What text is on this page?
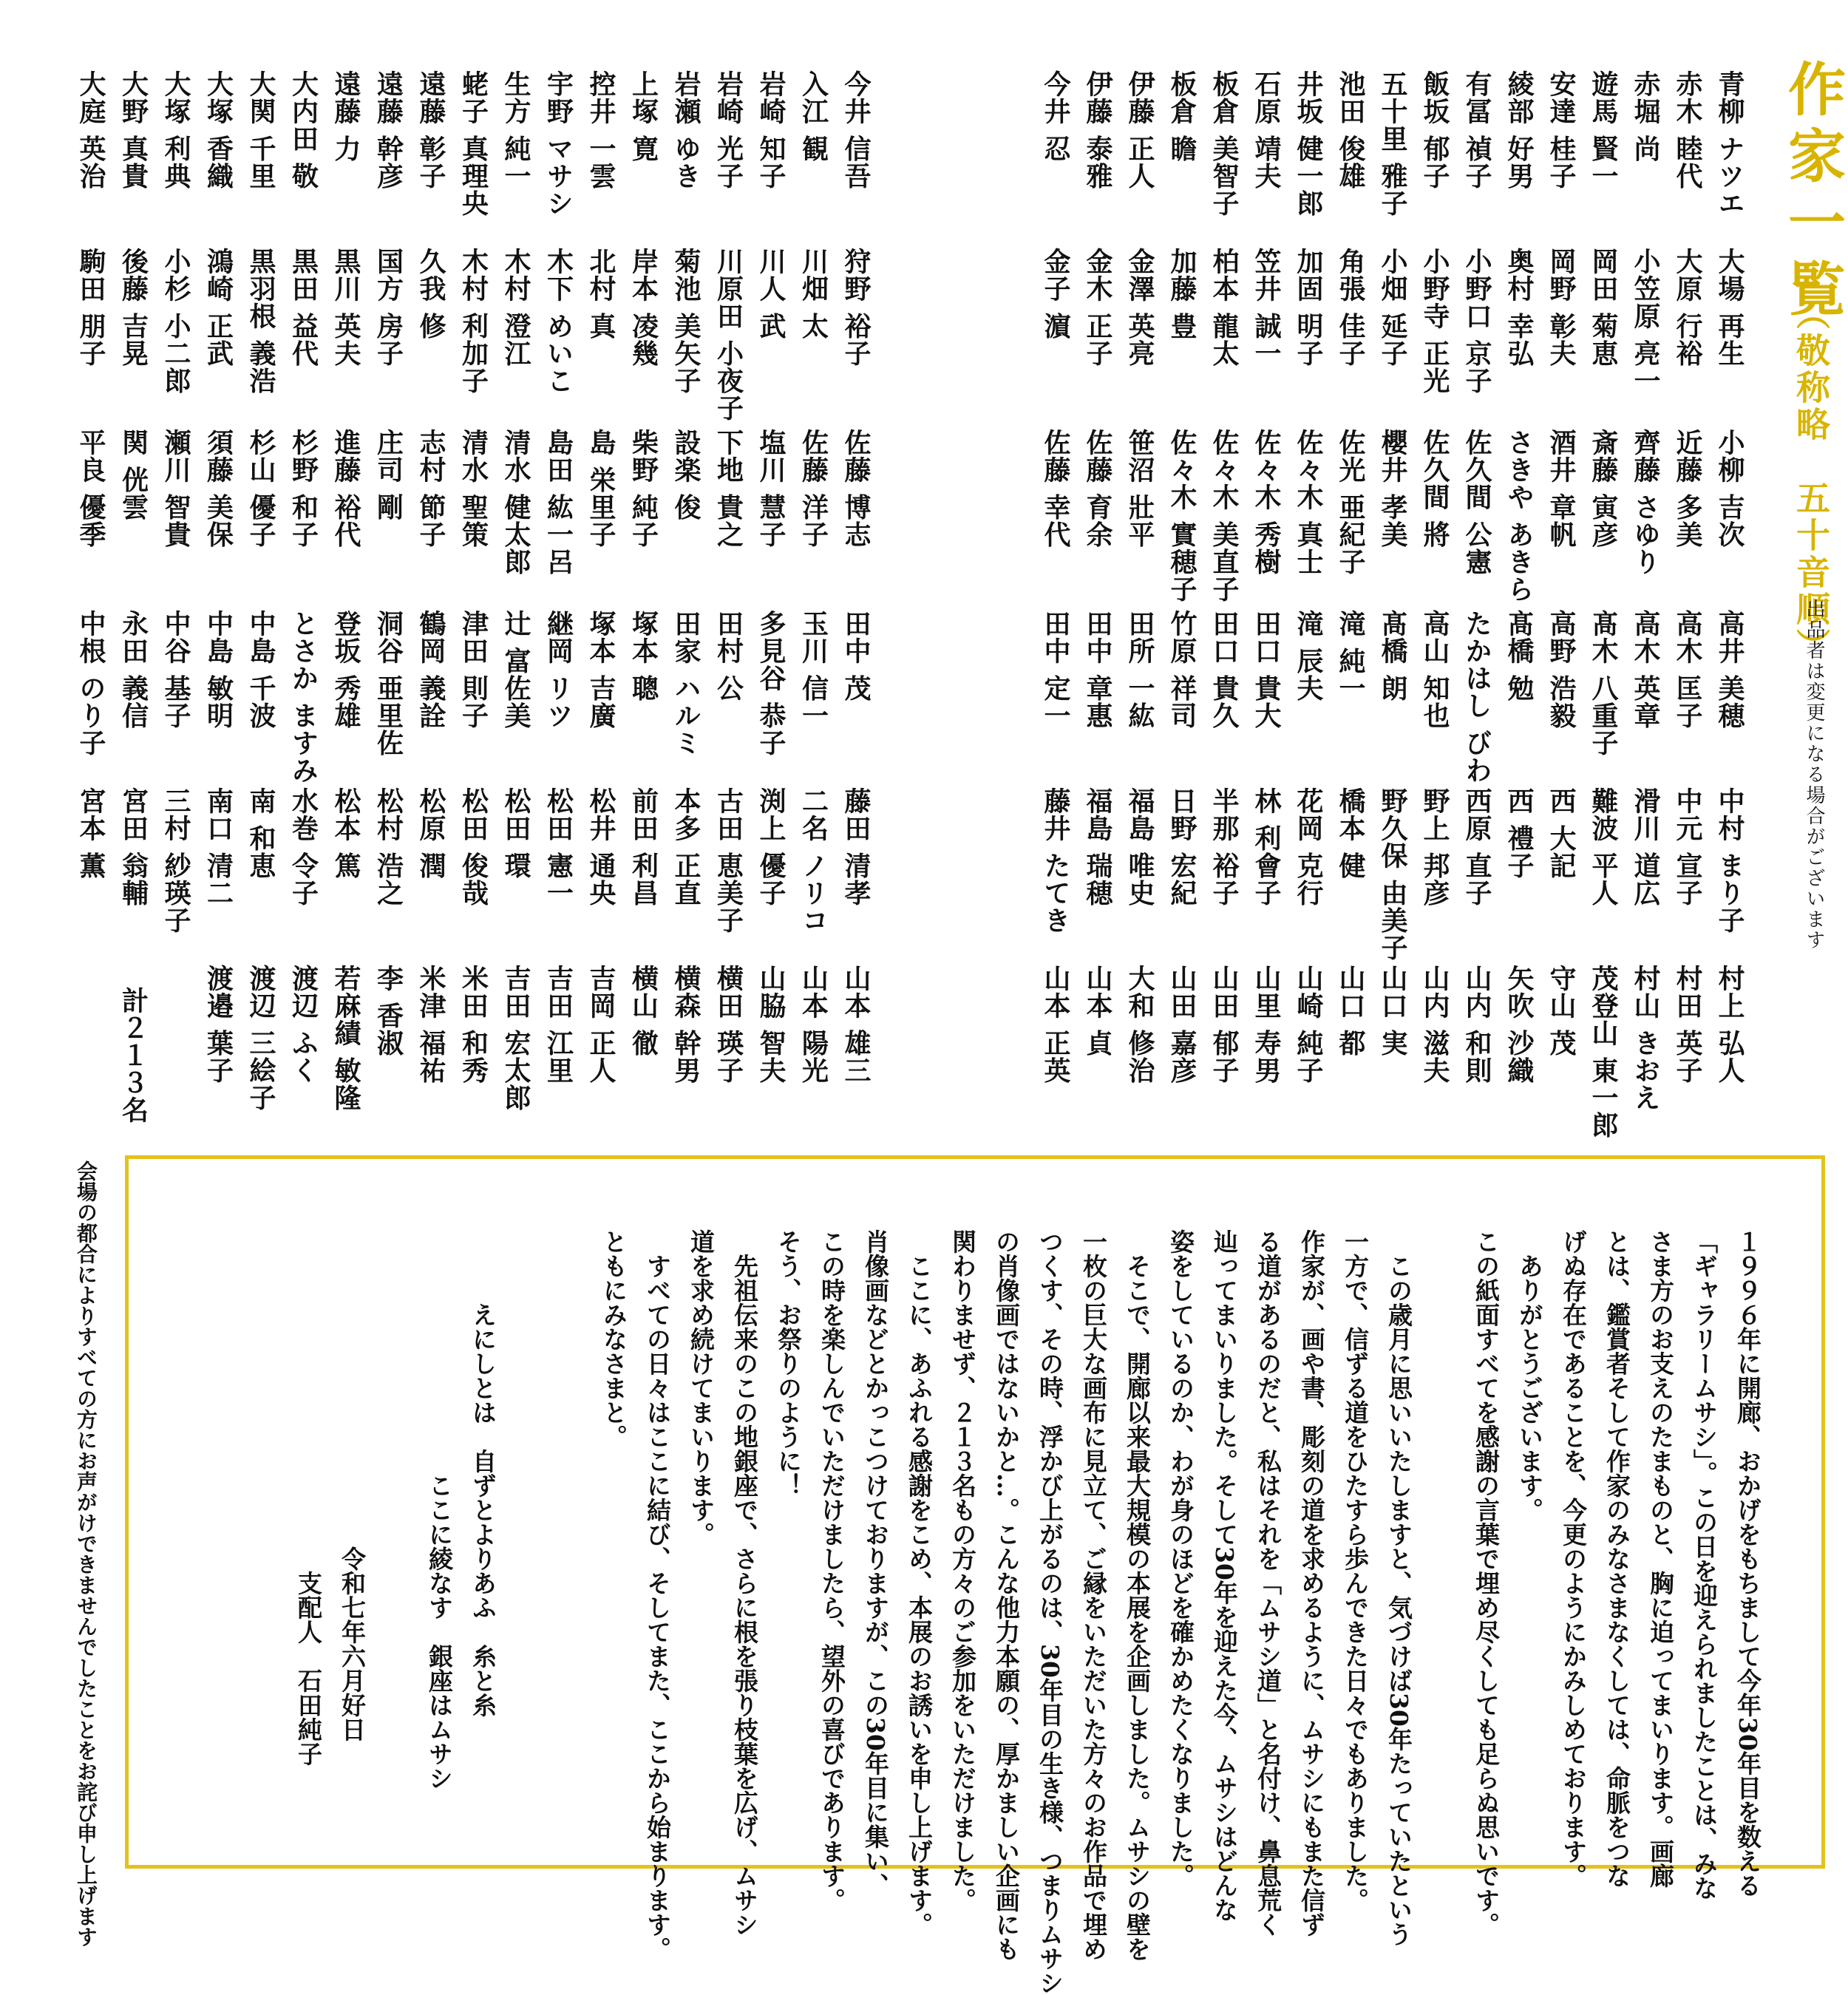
作家一覧
（敬称略　五十音順）
出品者は変更になる場合がございます
青柳 ナツエ
大場 再生
小柳 吉次
高井 美穂
中村 まり子
村上 弘人
赤木 睦代
大原 行裕
近藤 多美
高木 匡子
中元 宣子
村田 英子
赤堀 尚
小笠原 亮一
齊藤 さゆり
高木 英章
滑川 道広
村山 きおえ
遊馬 賢一
岡田 菊恵
斎藤 寅彦
髙木 八重子
難波 平人
茂登山 東一郎
安達 桂子
岡野 彰夫
酒井 章帆
高野 浩毅
西 大記
守山 茂
綾部 好男
奥村 幸弘
さきや あきら
髙橋 勉
西 禮子
矢吹 沙織
有冨 禎子
小野口 京子
佐久間 公憲
たかはし びわ
西原 直子
山内 和則
飯坂 郁子
小野寺 正光
佐久間 將
高山 知也
野上 邦彦
山内 滋夫
五十里 雅子
小畑 延子
櫻井 孝美
髙橋 朗
野久保 由美子
山口 実
池田 俊雄
角張 佳子
佐光 亜紀子
滝 純一
橋本 健
山口 都
井坂 健一郎
加固 明子
佐々木 真士
滝 辰夫
花岡 克行
山崎 純子
石原 靖夫
笠井 誠一
佐々木 秀樹
田口 貴大
林 利會子
山里 寿男
板倉 美智子
柏本 龍太
佐々木 美直子
田口 貴久
半那 裕子
山田 郁子
板倉 瞻
加藤 豊
佐々木 實穂子
竹原 祥司
日野 宏紀
山田 嘉彦
伊藤 正人
金澤 英亮
笹沼 壯平
田所 一紘
福島 唯史
大和 修治
伊藤 泰雅
金木 正子
佐藤 育余
田中 章惠
福島 瑞穂
山本 貞
今井 忍
金子 濵
佐藤 幸代
田中 定一
藤井 たてき
山本 正英
今井 信吾
狩野 裕子
佐藤 博志
田中 茂
藤田 清孝
山本 雄三
入江 観
川畑 太
佐藤 洋子
玉川 信一
二名 ノリコ
山本 陽光
岩崎 知子
川人 武
塩川 慧子
多見谷 恭子
渕上 優子
山脇 智夫
岩崎 光子
川原田 小夜子
下地 貴之
田村 公
古田 恵美子
横田 瑛子
岩瀬 ゆき
菊池 美矢子
設楽 俊
田家 ハルミ
本多 正直
横森 幹男
上塚 寛
岸本 凌幾
柴野 純子
塚本 聰
前田 利昌
横山 徹
控井 一雲
北村 真
島 栄里子
塚本 吉廣
松井 通央
吉岡 正人
宇野 マサシ
木下 めいこ
島田 紘一呂
継岡 リツ
松田 憲一
吉田 江里
生方 純一
木村 澄江
清水 健太郎
辻 富佐美
松田 環
吉田 宏太郎
蛯子 真理央
木村 利加子
清水 聖策
津田 則子
松田 俊哉
米田 和秀
遠藤 彰子
久我 修
志村 節子
鶴岡 義詮
松原 潤
米津 福祐
遠藤 幹彦
国方 房子
庄司 剛
洞谷 亜里佐
松村 浩之
李 香淑
遠藤 力
黒川 英夫
進藤 裕代
登坂 秀雄
松本 篤
若麻績 敏隆
大内田 敬
黒田 益代
杉野 和子
とさか ますみ
水巻 令子
渡辺 ふく
大関 千里
黒羽根 義浩
杉山 優子
中島 千波
南 和恵
渡辺 三絵子
大塚 香織
鴻崎 正武
須藤 美保
中島 敏明
南口 清二
渡邉 葉子
大塚 利典
小杉 小二郎
瀬川 智貴
中谷 基子
三村 紗瑛子
大野 真貴
後藤 吉晃
関 侊雲
永田 義信
宮田 翁輔
大庭 英治
駒田 朋子
平良 優季
中根 のり子
宮本 薫
計２１３名
１９９６年に開廊、おかげをもちまして今年30年目を数える
「ギャラリームサシ」。この日を迎えられましたことは、みな
さま方のお支えのたまものと、胸に迫ってまいります。画廊
とは、鑑賞者そして作家のみなさまなくしては、命脈をつな
げぬ存在であることを、今更のようにかみしめております。
　ありがとうございます。
この紙面すべてを感謝の言葉で埋め尽くしても足らぬ思いです。

　この歳月に思いいたしますと、気づけば30年たっていたという
一方で、信ずる道をひたすら歩んできた日々でもありました。
作家が、画や書、彫刻の道を求めるように、ムサシにもまた信ず
る道があるのだと、私はそれを「ムサシ道」と名付け、鼻息荒く
辿ってまいりました。そして30年を迎えた今、ムサシはどんな
姿をしているのか、わが身のほどを確かめたくなりました。
　そこで、開廊以来最大規模の本展を企画しました。ムサシの壁を
一枚の巨大な画布に見立て、ご縁をいただいた方々のお作品で埋め
つくす、その時、浮かび上がるのは、30年目の生き様、つまりムサシ
の肖像画ではないかと…。こんな他力本願の、厚かましい企画にも
関わりませず、２１３名もの方々のご参加をいただけました。
　ここに、あふれる感謝をこめ、本展のお誘いを申し上げます。
肖像画などとかっこつけておりますが、この30年目に集い、
この時を楽しんでいただけましたら、望外の喜びであります。
そう、お祭りのように！
　先祖伝来のこの地銀座で、さらに根を張り枝葉を広げ、ムサシ
道を求め続けてまいります。
　すべての日々はここに結び、そしてまた、ここから始まります。
ともにみなさまと。

　　　えにしとは　自ずとよりあふ　糸と糸
　　　　　　　　　　ここに綾なす　銀座はムサシ

　　　　　　　　　　　　　令和七年六月好日
　　　　　　　　　　　　　　支配人　石田純子
会場の都合によりすべての方にお声がけできませんでしたことをお詫び申し上げます
